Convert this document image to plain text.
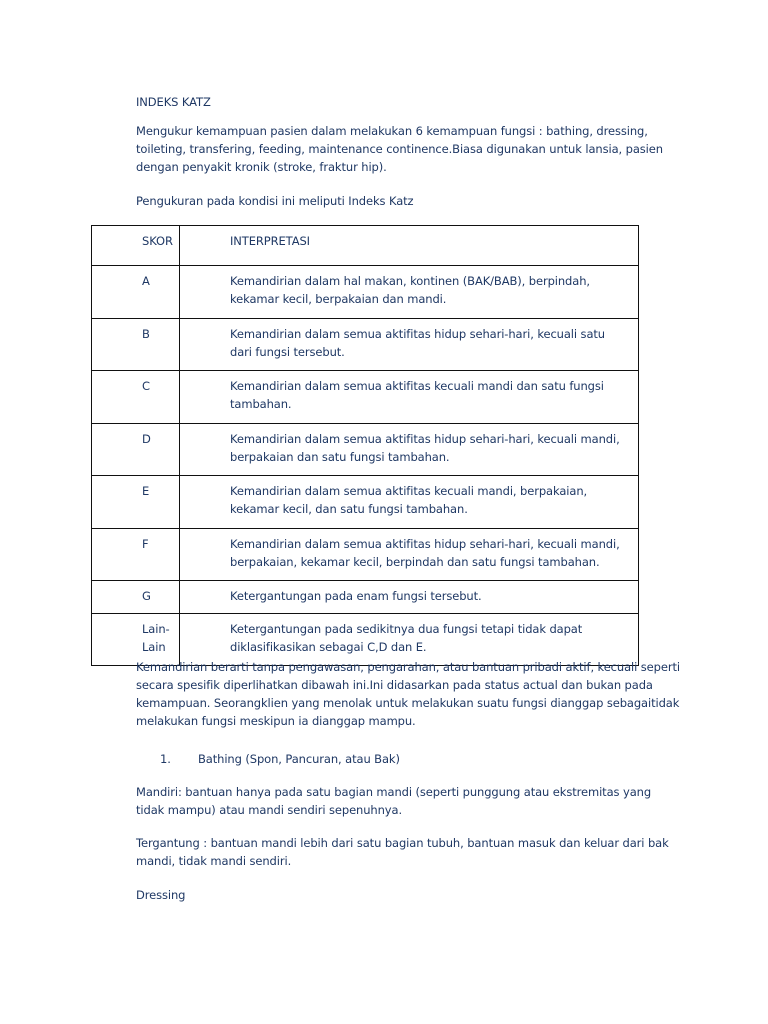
INDEKS KATZ

Mengukur kemampuan pasien dalam melakukan 6 kemampuan fungsi : bathing, dressing, toileting, transfering, feeding, maintenance continence.Biasa digunakan untuk lansia, pasien dengan penyakit kronik (stroke, fraktur hip).

Pengukuran pada kondisi ini meliputi Indeks Katz

SKOR	INTERPRETASI
A	Kemandirian dalam hal makan, kontinen (BAK/BAB), berpindah, kekamar kecil, berpakaian dan mandi.
B	Kemandirian dalam semua aktifitas hidup sehari-hari, kecuali satu dari fungsi tersebut.
C	Kemandirian dalam semua aktifitas kecuali mandi dan satu fungsi tambahan.
D	Kemandirian dalam semua aktifitas hidup sehari-hari, kecuali mandi, berpakaian dan satu fungsi tambahan.
E	Kemandirian dalam semua aktifitas kecuali mandi, berpakaian, kekamar kecil, dan satu fungsi tambahan.
F	Kemandirian dalam semua aktifitas hidup sehari-hari, kecuali mandi, berpakaian, kekamar kecil, berpindah dan satu fungsi tambahan.
G	Ketergantungan pada enam fungsi tersebut.
Lain-Lain	Ketergantungan pada sedikitnya dua fungsi tetapi tidak dapat diklasifikasikan sebagai C,D dan E.

Kemandirian berarti tanpa pengawasan, pengarahan, atau bantuan pribadi aktif, kecuali seperti secara spesifik diperlihatkan dibawah ini.Ini didasarkan pada status actual dan bukan pada kemampuan. Seorangklien yang menolak untuk melakukan suatu fungsi dianggap sebagaitidak melakukan fungsi meskipun ia dianggap mampu.

1. Bathing (Spon, Pancuran, atau Bak)

Mandiri: bantuan hanya pada satu bagian mandi (seperti punggung atau ekstremitas yang tidak mampu) atau mandi sendiri sepenuhnya.

Tergantung : bantuan mandi lebih dari satu bagian tubuh, bantuan masuk dan keluar dari bak mandi, tidak mandi sendiri.

Dressing
